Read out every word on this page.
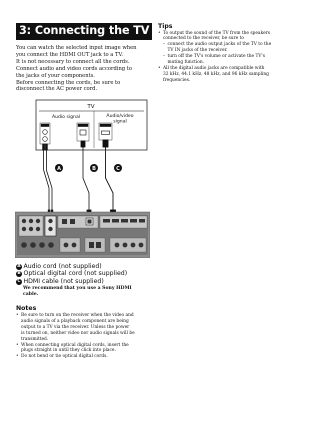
3: Connecting the TV

You can watch the selected input image when

you connect the HDMI OUT jack to a TV.

It is not necessary to connect all the cords.

Connect audio and video cords according to

the jacks of your components.

Before connecting the cords, be sure to

disconnect the AC power cord.

TV
Audio signal	Audio/video
signal
A	B	C
A Audio cord (not supplied)
B Optical digital cord (not supplied)
C HDMI cable (not supplied)
We recommend that you use a Sony HDMI
cable.
Notes
• Be sure to turn on the receiver when the video and
audio signals of a playback component are being
output to a TV via the receiver. Unless the power
is turned on, neither video nor audio signals will be
transmitted.
• When connecting optical digital cords, insert the
plugs straight in until they click into place.
• Do not bend or tie optical digital cords.
Tips
• To output the sound of the TV from the speakers
connected to the receiver, be sure to
– connect the audio output jacks of the TV to the
TV IN jacks of the receiver.
– turn off the TV's volume or activate the TV's
muting function.
• All the digital audio jacks are compatible with
32 kHz, 44.1 kHz, 48 kHz, and 96 kHz sampling
frequencies.
